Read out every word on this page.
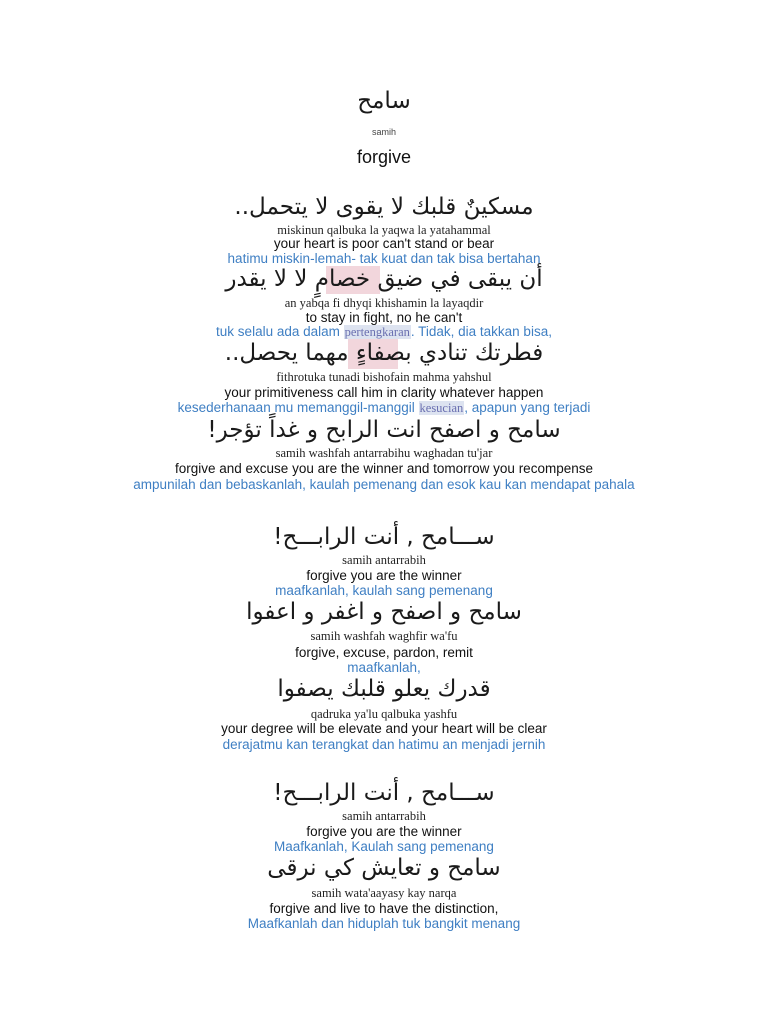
سامح
samih
forgive
مسكينٌ قلبك لا يقوى لا يتحمل..
miskinun qalbuka la yaqwa la yatahammal
your heart is poor can't stand or bear
hatimu miskin-lemah- tak kuat dan tak bisa bertahan
أن يبقى في ضيق خصامٍ لا لا يقدر
an yabqa fi dhyqi khishamin la layaqdir
to stay in fight, no he can't
tuk selalu ada dalam pertengkaran. Tidak, dia takkan bisa,
فطرتك تنادي بصفاءٍ مهما يحصل..
fithrotuka tunadi bishofain mahma yahshul
your primitiveness call him in clarity whatever happen
kesederhanaan mu memanggil-manggil kesucian, apapun yang terjadi
سامح و اصفح انت الرابح و غداً تؤجر!
samih washfah antarrabihu waghadan tu'jar
forgive and excuse you are the winner and tomorrow you recompense
ampunilah dan bebaskanlah, kaulah pemenang dan esok kau kan mendapat pahala
ســـامح , أنت الرابـــح!
samih antarrabih
forgive you are the winner
maafkanlah, kaulah sang pemenang
سامح و اصفح و اغفر و اعفوا
samih washfah waghfir wa'fu
forgive, excuse, pardon, remit
maafkanlah,
قدرك يعلو قلبك يصفوا
qadruka ya'lu qalbuka yashfu
your degree will be elevate and your heart will be clear
derajatmu kan terangkat dan hatimu an menjadi jernih
ســـامح , أنت الرابـــح!
samih antarrabih
forgive you are the winner
Maafkanlah, Kaulah sang pemenang
سامح و تعايش كي نرقى
samih wata'aayasy kay narqa
forgive and live to have the distinction,
Maafkanlah dan hiduplah tuk bangkit menang
